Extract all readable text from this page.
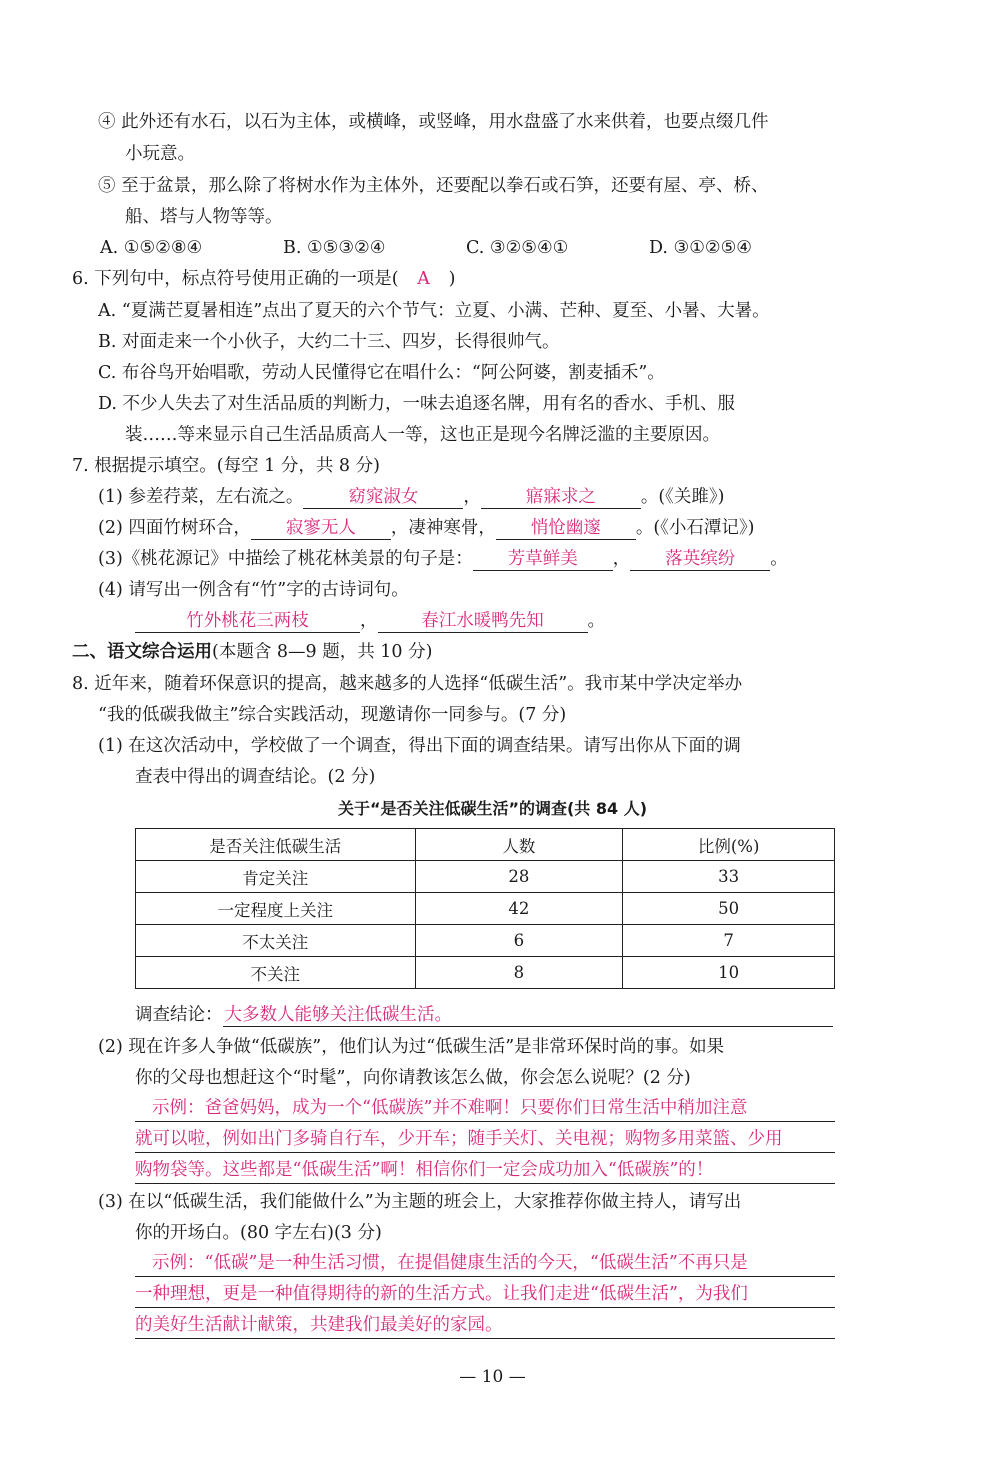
④ 此外还有水石，以石为主体，或横峰，或竖峰，用水盘盛了水来供着，也要点缀几件
小玩意。
⑤ 至于盆景，那么除了将树水作为主体外，还要配以拳石或石笋，还要有屋、亭、桥、
船、塔与人物等等。
A. ①⑤②⑧④	B. ①⑤③②④	C. ③②⑤④①	D. ③①②⑤④
6. 下列句中，标点符号使用正确的一项是( A )
A. “夏满芒夏暑相连”点出了夏天的六个节气：立夏、小满、芒种、夏至、小暑、大暑。
B. 对面走来一个小伙子，大约二十三、四岁，长得很帅气。
C. 布谷鸟开始唱歌，劳动人民懂得它在唱什么：“阿公阿婆，割麦插禾”。
D. 不少人失去了对生活品质的判断力，一味去追逐名牌，用有名的香水、手机、服
装……等来显示自己生活品质高人一等，这也正是现今名牌泛滥的主要原因。
7. 根据提示填空。(每空 1 分，共 8 分)
(1) 参差荇菜，左右流之。	窈窕淑女	，	寤寐求之	。(《关雎》)
(2) 四面竹树环合， 寂寥无人 ，凄神寒骨， 悄怆幽邃 。(《小石潭记》)
(3)《桃花源记》中描绘了桃花林美景的句子是： 芳草鲜美 ， 落英缤纷 。
(4) 请写出一例含有“竹”字的古诗词句。
竹外桃花三两枝	，	春江水暖鸭先知	。
二、语文综合运用(本题含 8—9 题，共 10 分)
8. 近年来，随着环保意识的提高，越来越多的人选择“低碳生活”。我市某中学决定举办
“我的低碳我做主”综合实践活动，现邀请你一同参与。(7 分)
(1) 在这次活动中，学校做了一个调查，得出下面的调查结果。请写出你从下面的调
查表中得出的调查结论。(2 分)
关于“是否关注低碳生活”的调查(共 84 人)
是否关注低碳生活	人数	比例(%)
肯定关注	28	33
一定程度上关注	42	50
不太关注	6	7
不关注	8	10
调查结论： 大多数人能够关注低碳生活。
(2) 现在许多人争做“低碳族”，他们认为过“低碳生活”是非常环保时尚的事。如果
你的父母也想赶这个“时髦”，向你请教该怎么做，你会怎么说呢？(2 分)
示例：爸爸妈妈，成为一个“低碳族”并不难啊！只要你们日常生活中稍加注意
就可以啦，例如出门多骑自行车，少开车；随手关灯、关电视；购物多用菜篮、少用
购物袋等。这些都是“低碳生活”啊！相信你们一定会成功加入“低碳族”的！
(3) 在以“低碳生活，我们能做什么”为主题的班会上，大家推荐你做主持人，请写出
你的开场白。(80 字左右)(3 分)
示例：“低碳”是一种生活习惯，在提倡健康生活的今天，“低碳生活”不再只是
一种理想，更是一种值得期待的新的生活方式。让我们走进“低碳生活”，为我们
的美好生活献计献策，共建我们最美好的家园。
— 10 —
